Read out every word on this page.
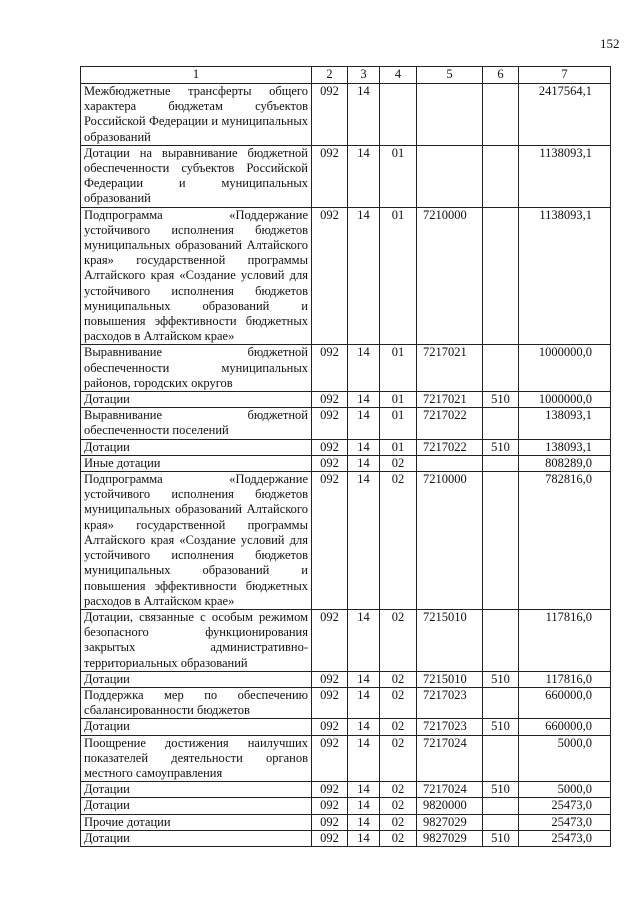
152
1	2	3	4	5	6	7
Межбюджетные трансферты общего характера бюджетам субъектов Российской Федерации и муниципальных образований	092	14				2417564,1
Дотации на выравнивание бюджетной обеспеченности субъектов Российской Федерации и муниципальных образований	092	14	01			1138093,1
Подпрограмма «Поддержание устойчивого исполнения бюджетов муниципальных образований Алтайского края» государственной программы Алтайского края «Создание условий для устойчивого исполнения бюджетов муниципальных образований и повышения эффективности бюджетных расходов в Алтайском крае»	092	14	01	7210000		1138093,1
Выравнивание бюджетной обеспеченности муниципальных районов, городских округов	092	14	01	7217021		1000000,0
Дотации	092	14	01	7217021	510	1000000,0
Выравнивание бюджетной обеспеченности поселений	092	14	01	7217022		138093,1
Дотации	092	14	01	7217022	510	138093,1
Иные дотации	092	14	02			808289,0
Подпрограмма «Поддержание устойчивого исполнения бюджетов муниципальных образований Алтайского края» государственной программы Алтайского края «Создание условий для устойчивого исполнения бюджетов муниципальных образований и повышения эффективности бюджетных расходов в Алтайском крае»	092	14	02	7210000		782816,0
Дотации, связанные с особым режимом безопасного функционирования закрытых административно-территориальных образований	092	14	02	7215010		117816,0
Дотации	092	14	02	7215010	510	117816,0
Поддержка мер по обеспечению сбалансированности бюджетов	092	14	02	7217023		660000,0
Дотации	092	14	02	7217023	510	660000,0
Поощрение достижения наилучших показателей деятельности органов местного самоуправления	092	14	02	7217024		5000,0
Дотации	092	14	02	7217024	510	5000,0
Дотации	092	14	02	9820000		25473,0
Прочие дотации	092	14	02	9827029		25473,0
Дотации	092	14	02	9827029	510	25473,0
